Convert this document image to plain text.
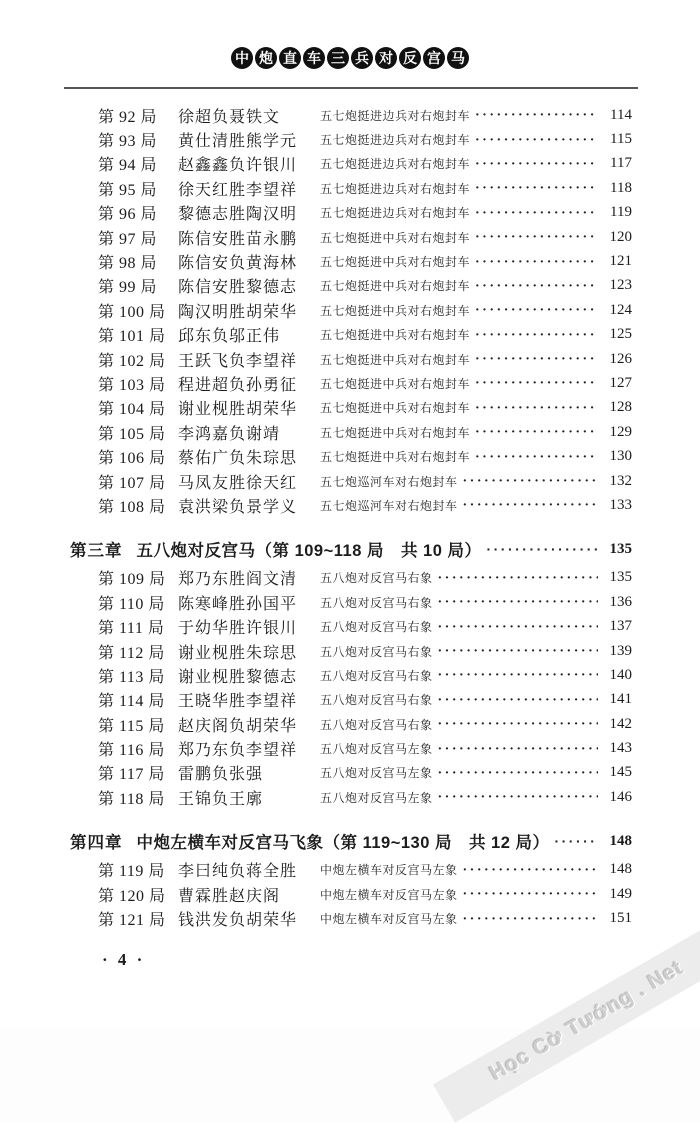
中 炮 直 车 三 兵 对 反 宫 马
第 92 局	徐超负聂铁文	五七炮挺进边兵对右炮封车 ·····	114
第 93 局	黄仕清胜熊学元	五七炮挺进边兵对右炮封车 ·····	115
第 94 局	赵鑫鑫负许银川	五七炮挺进边兵对右炮封车 ·····	117
第 95 局	徐天红胜李望祥	五七炮挺进边兵对右炮封车 ·····	118
第 96 局	黎德志胜陶汉明	五七炮挺进边兵对右炮封车 ·····	119
第 97 局	陈信安胜苗永鹏	五七炮挺进中兵对右炮封车 ·····	120
第 98 局	陈信安负黄海林	五七炮挺进中兵对右炮封车 ·····	121
第 99 局	陈信安胜黎德志	五七炮挺进中兵对右炮封车 ·····	123
第 100 局 陶汉明胜胡荣华	五七炮挺进中兵对右炮封车 ·····	124
第 101 局 邱东负邬正伟	五七炮挺进中兵对右炮封车 ·····	125
第 102 局 王跃飞负李望祥	五七炮挺进中兵对右炮封车 ·····	126
第 103 局 程进超负孙勇征	五七炮挺进中兵对右炮封车 ·····	127
第 104 局 谢业枧胜胡荣华	五七炮挺进中兵对右炮封车 ·····	128
第 105 局 李鸿嘉负谢靖	五七炮挺进中兵对右炮封车 ·····	129
第 106 局 蔡佑广负朱琮思	五七炮挺进中兵对右炮封车 ·····	130
第 107 局 马凤友胜徐天红	五七炮巡河车对右炮封车 ·····	132
第 108 局 袁洪梁负景学义	五七炮巡河车对右炮封车 ·····	133
第三章 五八炮对反宫马（第 109~118 局　共 10 局） ·····	135
第 109 局 郑乃东胜阎文清	五八炮对反宫马右象 ·····	135
第 110 局 陈寒峰胜孙国平	五八炮对反宫马右象 ·····	136
第 111 局 于幼华胜许银川	五八炮对反宫马右象 ·····	137
第 112 局 谢业枧胜朱琮思	五八炮对反宫马右象 ·····	139
第 113 局 谢业枧胜黎德志	五八炮对反宫马右象 ·····	140
第 114 局 王晓华胜李望祥	五八炮对反宫马右象 ·····	141
第 115 局 赵庆阁负胡荣华	五八炮对反宫马右象 ·····	142
第 116 局 郑乃东负李望祥	五八炮对反宫马左象 ·····	143
第 117 局 雷鹏负张强	五八炮对反宫马左象 ·····	145
第 118 局 王锦负王廓	五八炮对反宫马左象 ·····	146
第四章 中炮左横车对反宫马飞象（第 119~130 局　共 12 局） ·····	148
第 119 局 李曰纯负蒋全胜	中炮左横车对反宫马左象 ·····	148
第 120 局 曹霖胜赵庆阁	中炮左横车对反宫马左象 ·····	149
第 121 局 钱洪发负胡荣华	中炮左横车对反宫马左象 ·····	151
· 4 ·	Học Cờ Tướng . Net
